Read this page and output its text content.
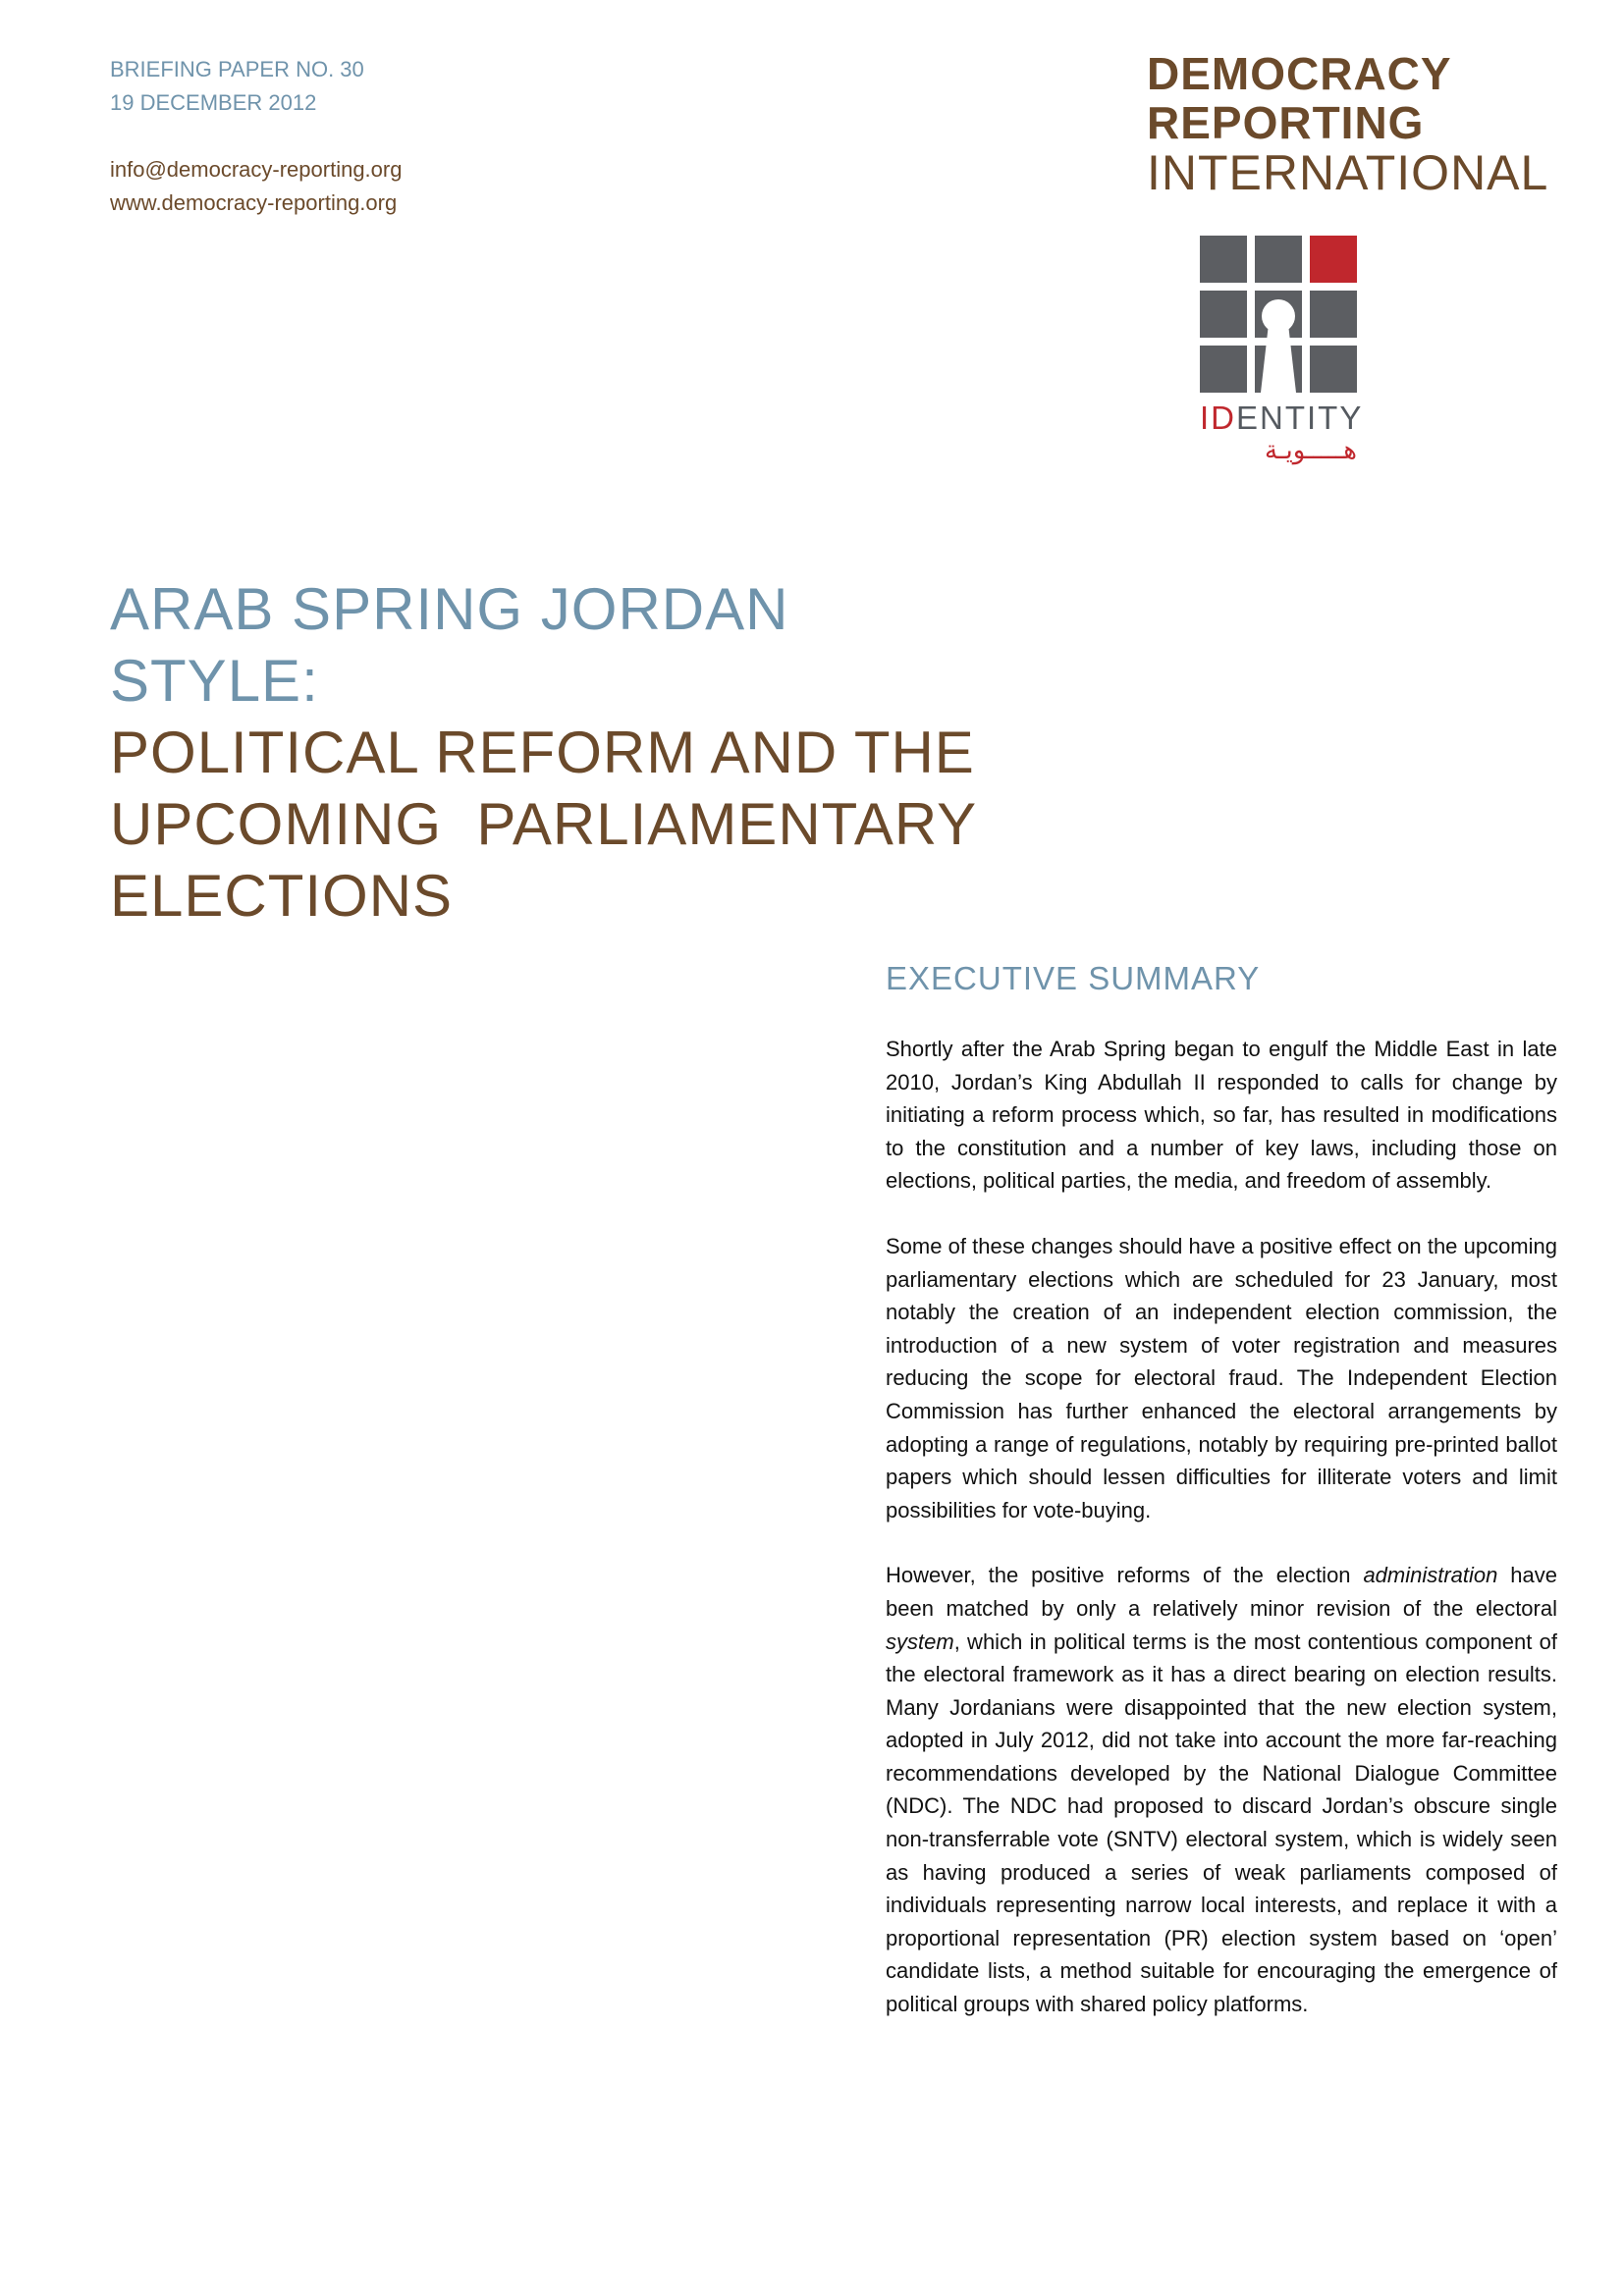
BRIEFING PAPER NO. 30
19 DECEMBER 2012
info@democracy-reporting.org
www.democracy-reporting.org
DEMOCRACY
REPORTING
INTERNATIONAL
IDENTITY
هـــــويـة
ARAB SPRING JORDAN
STYLE:
POLITICAL REFORM AND THE
UPCOMING  PARLIAMENTARY
ELECTIONS
EXECUTIVE SUMMARY

Shortly after the Arab Spring began to engulf the Middle East in late 2010, Jordan’s King Abdullah II responded to calls for change by initiating a reform process which, so far, has resulted in modifications to the constitution and a number of key laws, including those on elections, political parties, the media, and freedom of assembly.

Some of these changes should have a positive effect on the upcoming parliamentary elections which are scheduled for 23 January, most notably the creation of an independent election commission, the introduction of a new system of voter registration and measures reducing the scope for electoral fraud. The Independent Election Commission has further enhanced the electoral arrangements by adopting a range of regulations, notably by requiring pre-printed ballot papers which should lessen difficulties for illiterate voters and limit possibilities for vote-buying.

However, the positive reforms of the election administration have been matched by only a relatively minor revision of the electoral system, which in political terms is the most contentious component of the electoral framework as it has a direct bearing on election results. Many Jordanians were disappointed that the new election system, adopted in July 2012, did not take into account the more far-reaching recommendations developed by the National Dialogue Committee (NDC). The NDC had proposed to discard Jordan’s obscure single non-transferrable vote (SNTV) electoral system, which is widely seen as having produced a series of weak parliaments composed of individuals representing narrow local interests, and replace it with a proportional representation (PR) election system based on ‘open’ candidate lists, a method suitable for encouraging the emergence of political groups with shared policy platforms.
